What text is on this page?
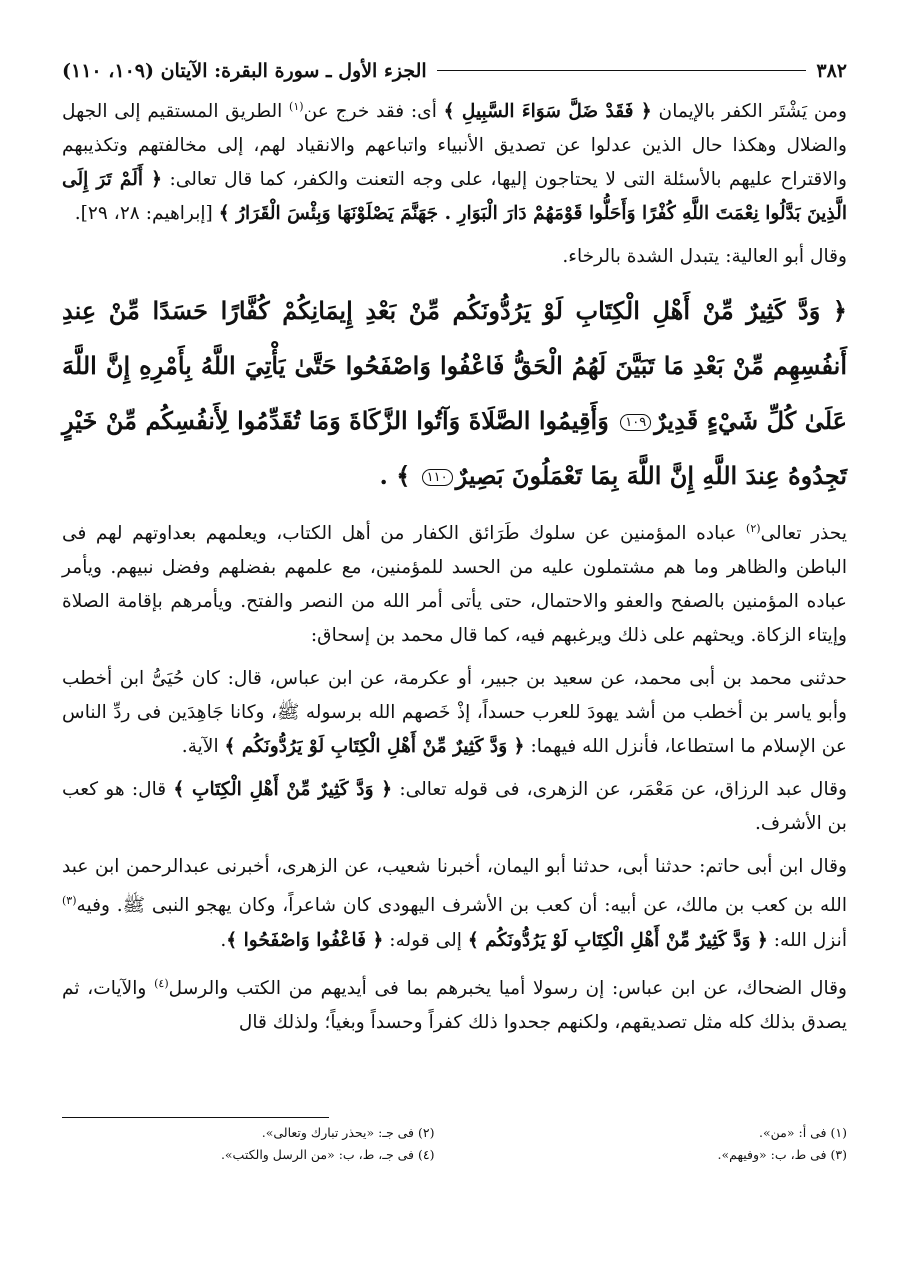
٣٨٢
الجزء الأول ـ سورة البقرة: الآيتان (١٠٩، ١١٠)

ومن يَشْتَر الكفر بالإيمان ﴿ فَقَدْ ضَلَّ سَوَاءَ السَّبِيلِ ﴾ أى: فقد خرج عن$^{(١)}$ الطريق المستقيم إلى الجهل والضلال وهكذا حال الذين عدلوا عن تصديق الأنبياء واتباعهم والانقياد لهم، إلى مخالفتهم وتكذيبهم والاقتراح عليهم بالأسئلة التى لا يحتاجون إليها، على وجه التعنت والكفر، كما قال تعالى: ﴿ أَلَمْ تَرَ إِلَى الَّذِينَ بَدَّلُوا نِعْمَتَ اللَّهِ كُفْرًا وَأَحَلُّوا قَوْمَهُمْ دَارَ الْبَوَارِ . جَهَنَّمَ يَصْلَوْنَهَا وَبِئْسَ الْقَرَارُ ﴾ [إبراهيم: ٢٨، ٢٩].

وقال أبو العالية: يتبدل الشدة بالرخاء.

﴿ وَدَّ كَثِيرٌ مِّنْ أَهْلِ الْكِتَابِ لَوْ يَرُدُّونَكُم مِّنْ بَعْدِ إِيمَانِكُمْ كُفَّارًا حَسَدًا مِّنْ عِندِ أَنفُسِهِم مِّنْ بَعْدِ مَا تَبَيَّنَ لَهُمُ الْحَقُّ فَاعْفُوا وَاصْفَحُوا حَتَّىٰ يَأْتِيَ اللَّهُ بِأَمْرِهِ إِنَّ اللَّهَ عَلَىٰ كُلِّ شَيْءٍ قَدِيرٌ١٠٩ وَأَقِيمُوا الصَّلَاةَ وَآتُوا الزَّكَاةَ وَمَا تُقَدِّمُوا لِأَنفُسِكُم مِّنْ خَيْرٍ تَجِدُوهُ عِندَ اللَّهِ إِنَّ اللَّهَ بِمَا تَعْمَلُونَ بَصِيرٌ١١٠ ﴾ .

يحذر تعالى$^{(٢)}$ عباده المؤمنين عن سلوك طَرَائق الكفار من أهل الكتاب، ويعلمهم بعداوتهم لهم فى الباطن والظاهر وما هم مشتملون عليه من الحسد للمؤمنين، مع علمهم بفضلهم وفضل نبيهم. ويأمر عباده المؤمنين بالصفح والعفو والاحتمال، حتى يأتى أمر الله من النصر والفتح. ويأمرهم بإقامة الصلاة وإيتاء الزكاة. ويحثهم على ذلك ويرغبهم فيه، كما قال محمد بن إسحاق:

حدثنى محمد بن أبى محمد، عن سعيد بن جبير، أو عكرمة، عن ابن عباس، قال: كان حُيَىُّ ابن أخطب وأبو ياسر بن أخطب من أشد يهودَ للعرب حسداً، إذْ خَصهم الله برسوله ﷺ، وكانا جَاهِدَين فى ردِّ الناس عن الإسلام ما استطاعا، فأنزل الله فيهما: ﴿ وَدَّ كَثِيرٌ مِّنْ أَهْلِ الْكِتَابِ لَوْ يَرُدُّونَكُم ﴾ الآية.

وقال عبد الرزاق، عن مَعْمَر، عن الزهرى، فى قوله تعالى: ﴿ وَدَّ كَثِيرٌ مِّنْ أَهْلِ الْكِتَابِ ﴾ قال: هو كعب بن الأشرف.

وقال ابن أبى حاتم: حدثنا أبى، حدثنا أبو اليمان، أخبرنا شعيب، عن الزهرى، أخبرنى عبدالرحمن ابن عبد الله بن كعب بن مالك، عن أبيه: أن كعب بن الأشرف اليهودى كان شاعراً، وكان يهجو النبى ﷺ. وفيه$^{(٣)}$ أنزل الله: ﴿ وَدَّ كَثِيرٌ مِّنْ أَهْلِ الْكِتَابِ لَوْ يَرُدُّونَكُم ﴾ إلى قوله: ﴿ فَاعْفُوا وَاصْفَحُوا ﴾.

وقال الضحاك، عن ابن عباس: إن رسولا أميا يخبرهم بما فى أيديهم من الكتب والرسل$^{(٤)}$ والآيات، ثم يصدق بذلك كله مثل تصديقهم، ولكنهم جحدوا ذلك كفراً وحسداً وبغياً؛ ولذلك قال

(١) فى أ: «من».
(٢) فى جـ: «يحذر تبارك وتعالى».
(٣) فى ط، ب: «وفيهم».
(٤) فى جـ، ط، ب: «من الرسل والكتب».
